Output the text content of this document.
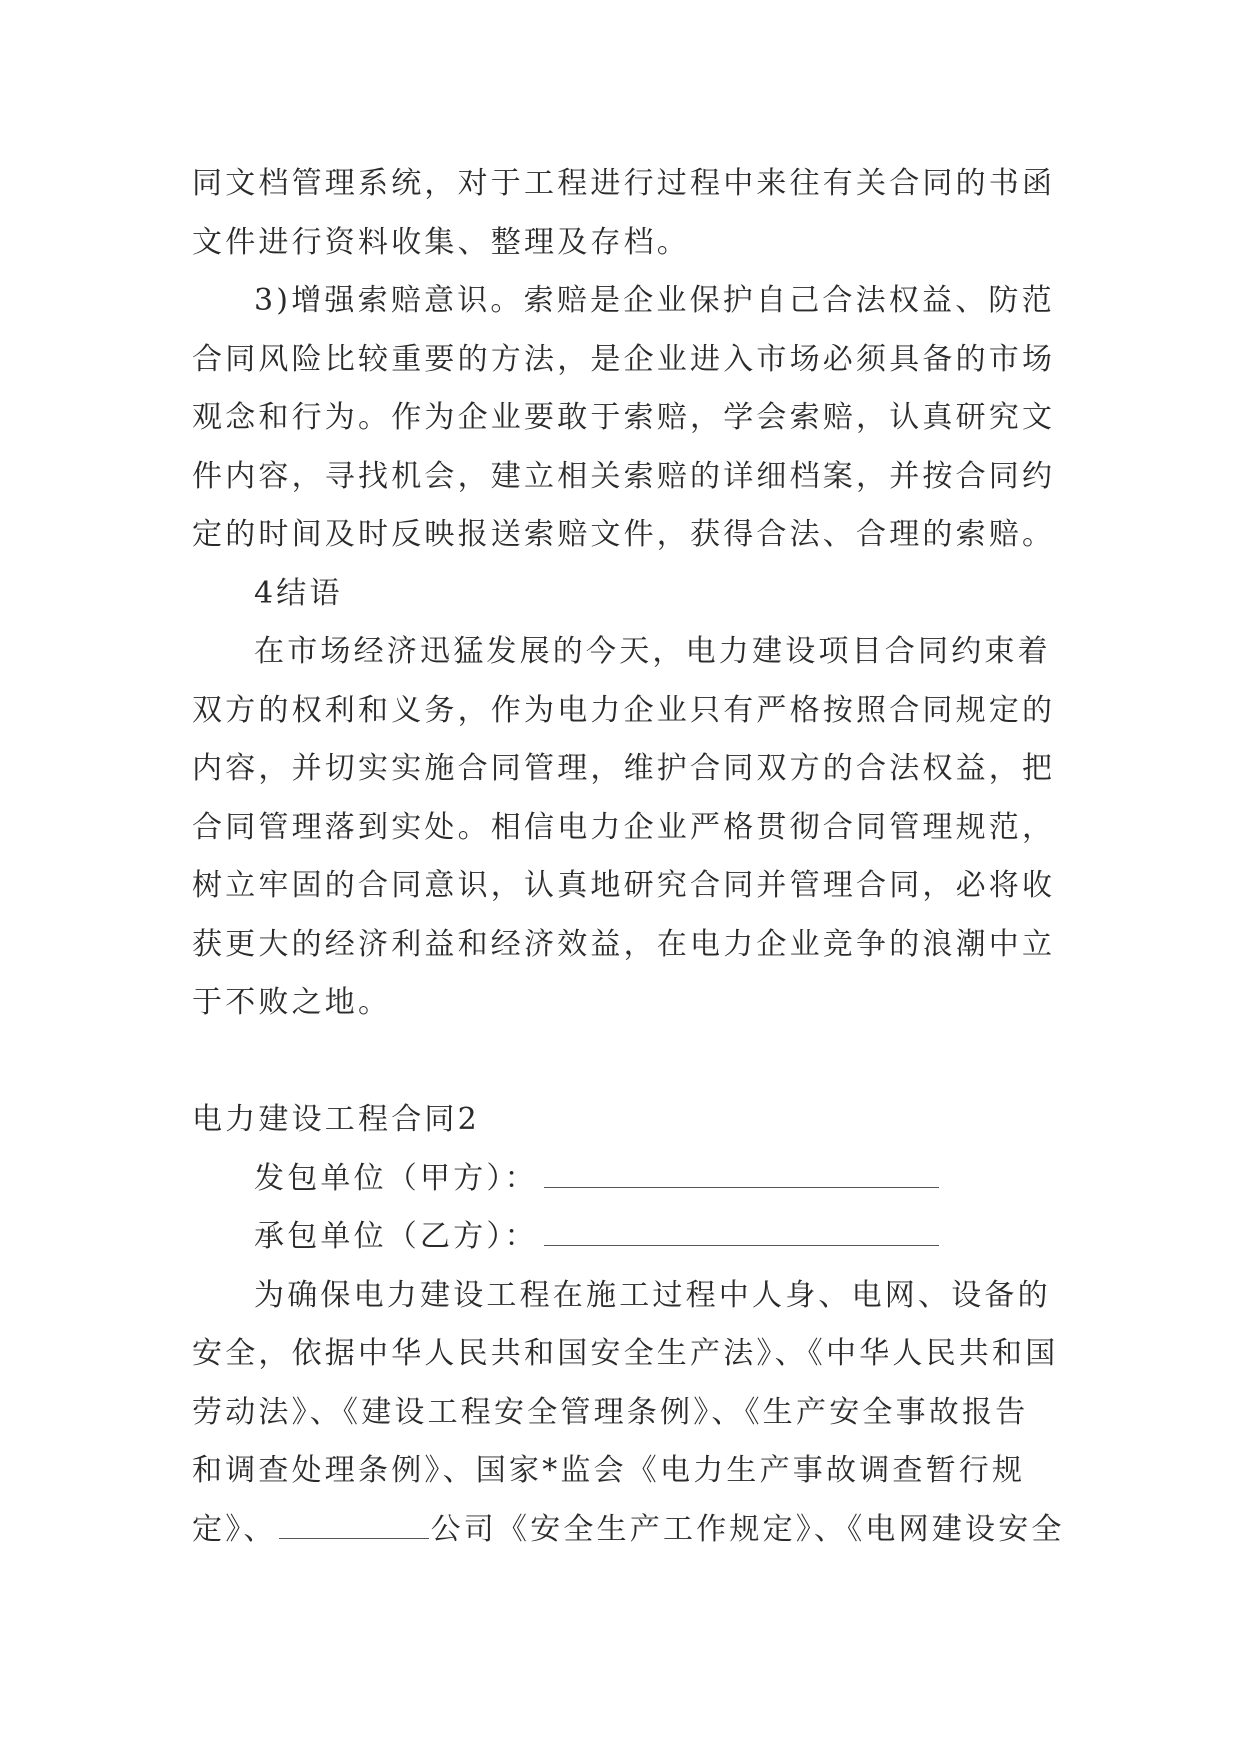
同文档管理系统，对于工程进行过程中来往有关合同的书函
文件进行资料收集、整理及存档。
3)增强索赔意识。索赔是企业保护自己合法权益、防范
合同风险比较重要的方法，是企业进入市场必须具备的市场
观念和行为。作为企业要敢于索赔，学会索赔，认真研究文
件内容，寻找机会，建立相关索赔的详细档案，并按合同约
定的时间及时反映报送索赔文件，获得合法、合理的索赔。
4结语
在市场经济迅猛发展的今天，电力建设项目合同约束着
双方的权利和义务，作为电力企业只有严格按照合同规定的
内容，并切实实施合同管理，维护合同双方的合法权益，把
合同管理落到实处。相信电力企业严格贯彻合同管理规范，
树立牢固的合同意识，认真地研究合同并管理合同，必将收
获更大的经济利益和经济效益，在电力企业竞争的浪潮中立
于不败之地。
电力建设工程合同2
发包单位（甲方）：
承包单位（乙方）：
为确保电力建设工程在施工过程中人身、电网、设备的
安全，依据中华人民共和国安全生产法》、《中华人民共和国
劳动法》、《建设工程安全管理条例》、《生产安全事故报告
和调查处理条例》、国家*监会《电力生产事故调查暂行规
定》、	公司《安全生产工作规定》、《电网建设安全
